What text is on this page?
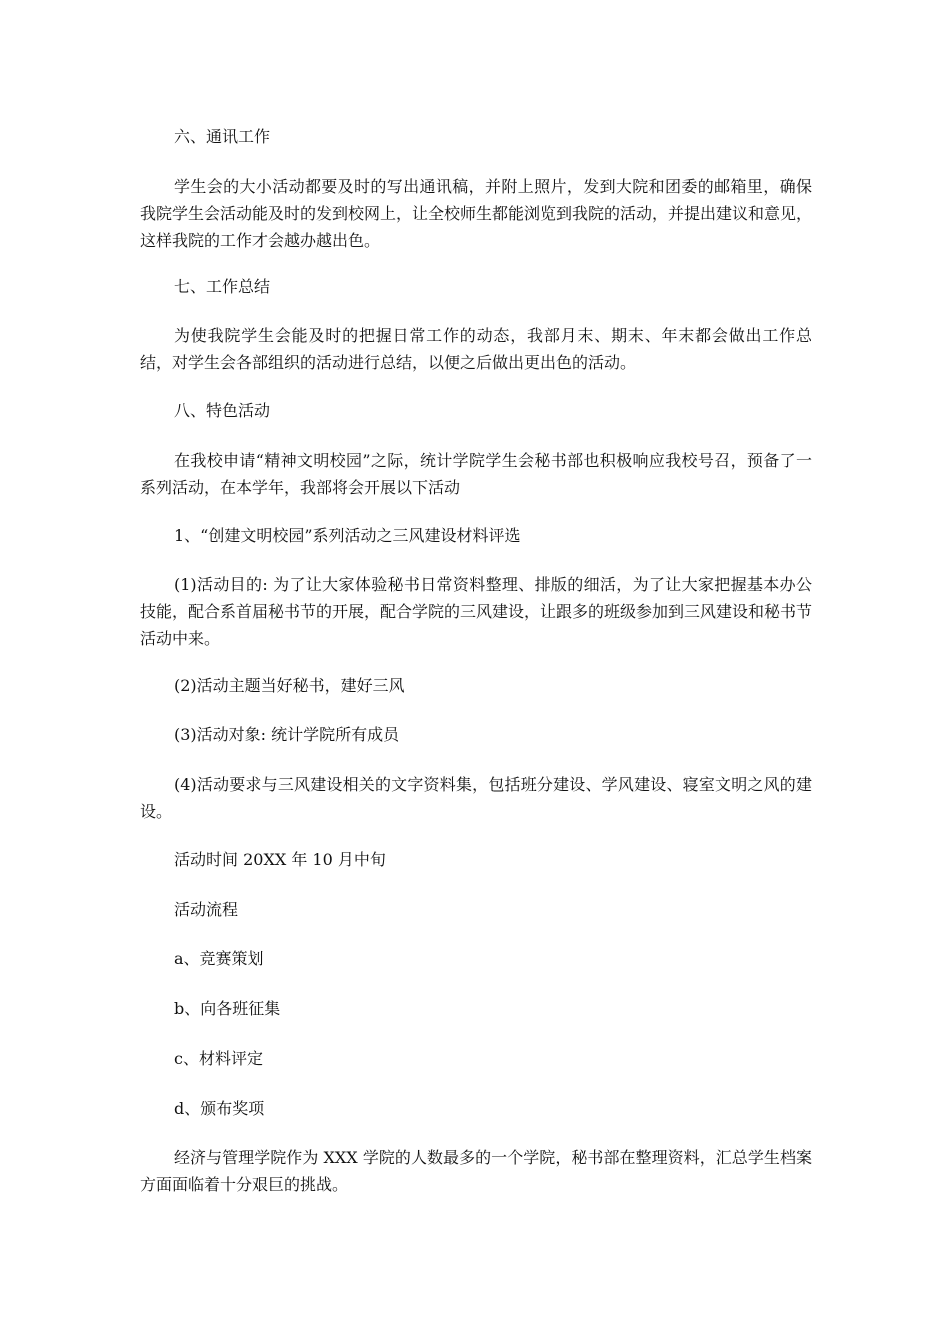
六、通讯工作

学生会的大小活动都要及时的写出通讯稿，并附上照片，发到大院和团委的邮箱里，确保我院学生会活动能及时的发到校网上，让全校师生都能浏览到我院的活动，并提出建议和意见，这样我院的工作才会越办越出色。

七、工作总结

为使我院学生会能及时的把握日常工作的动态，我部月末、期末、年末都会做出工作总结，对学生会各部组织的活动进行总结，以便之后做出更出色的活动。

八、特色活动

在我校申请“精神文明校园”之际，统计学院学生会秘书部也积极响应我校号召，预备了一系列活动，在本学年，我部将会开展以下活动

1、“创建文明校园”系列活动之三风建设材料评选

(1)活动目的: 为了让大家体验秘书日常资料整理、排版的细活，为了让大家把握基本办公技能，配合系首届秘书节的开展，配合学院的三风建设，让跟多的班级参加到三风建设和秘书节活动中来。

(2)活动主题当好秘书，建好三风

(3)活动对象: 统计学院所有成员

(4)活动要求与三风建设相关的文字资料集，包括班分建设、学风建设、寝室文明之风的建设。

活动时间 20XX 年 10 月中旬

活动流程

a、竞赛策划

b、向各班征集

c、材料评定

d、颁布奖项

经济与管理学院作为 XXX 学院的人数最多的一个学院，秘书部在整理资料，汇总学生档案方面面临着十分艰巨的挑战。
